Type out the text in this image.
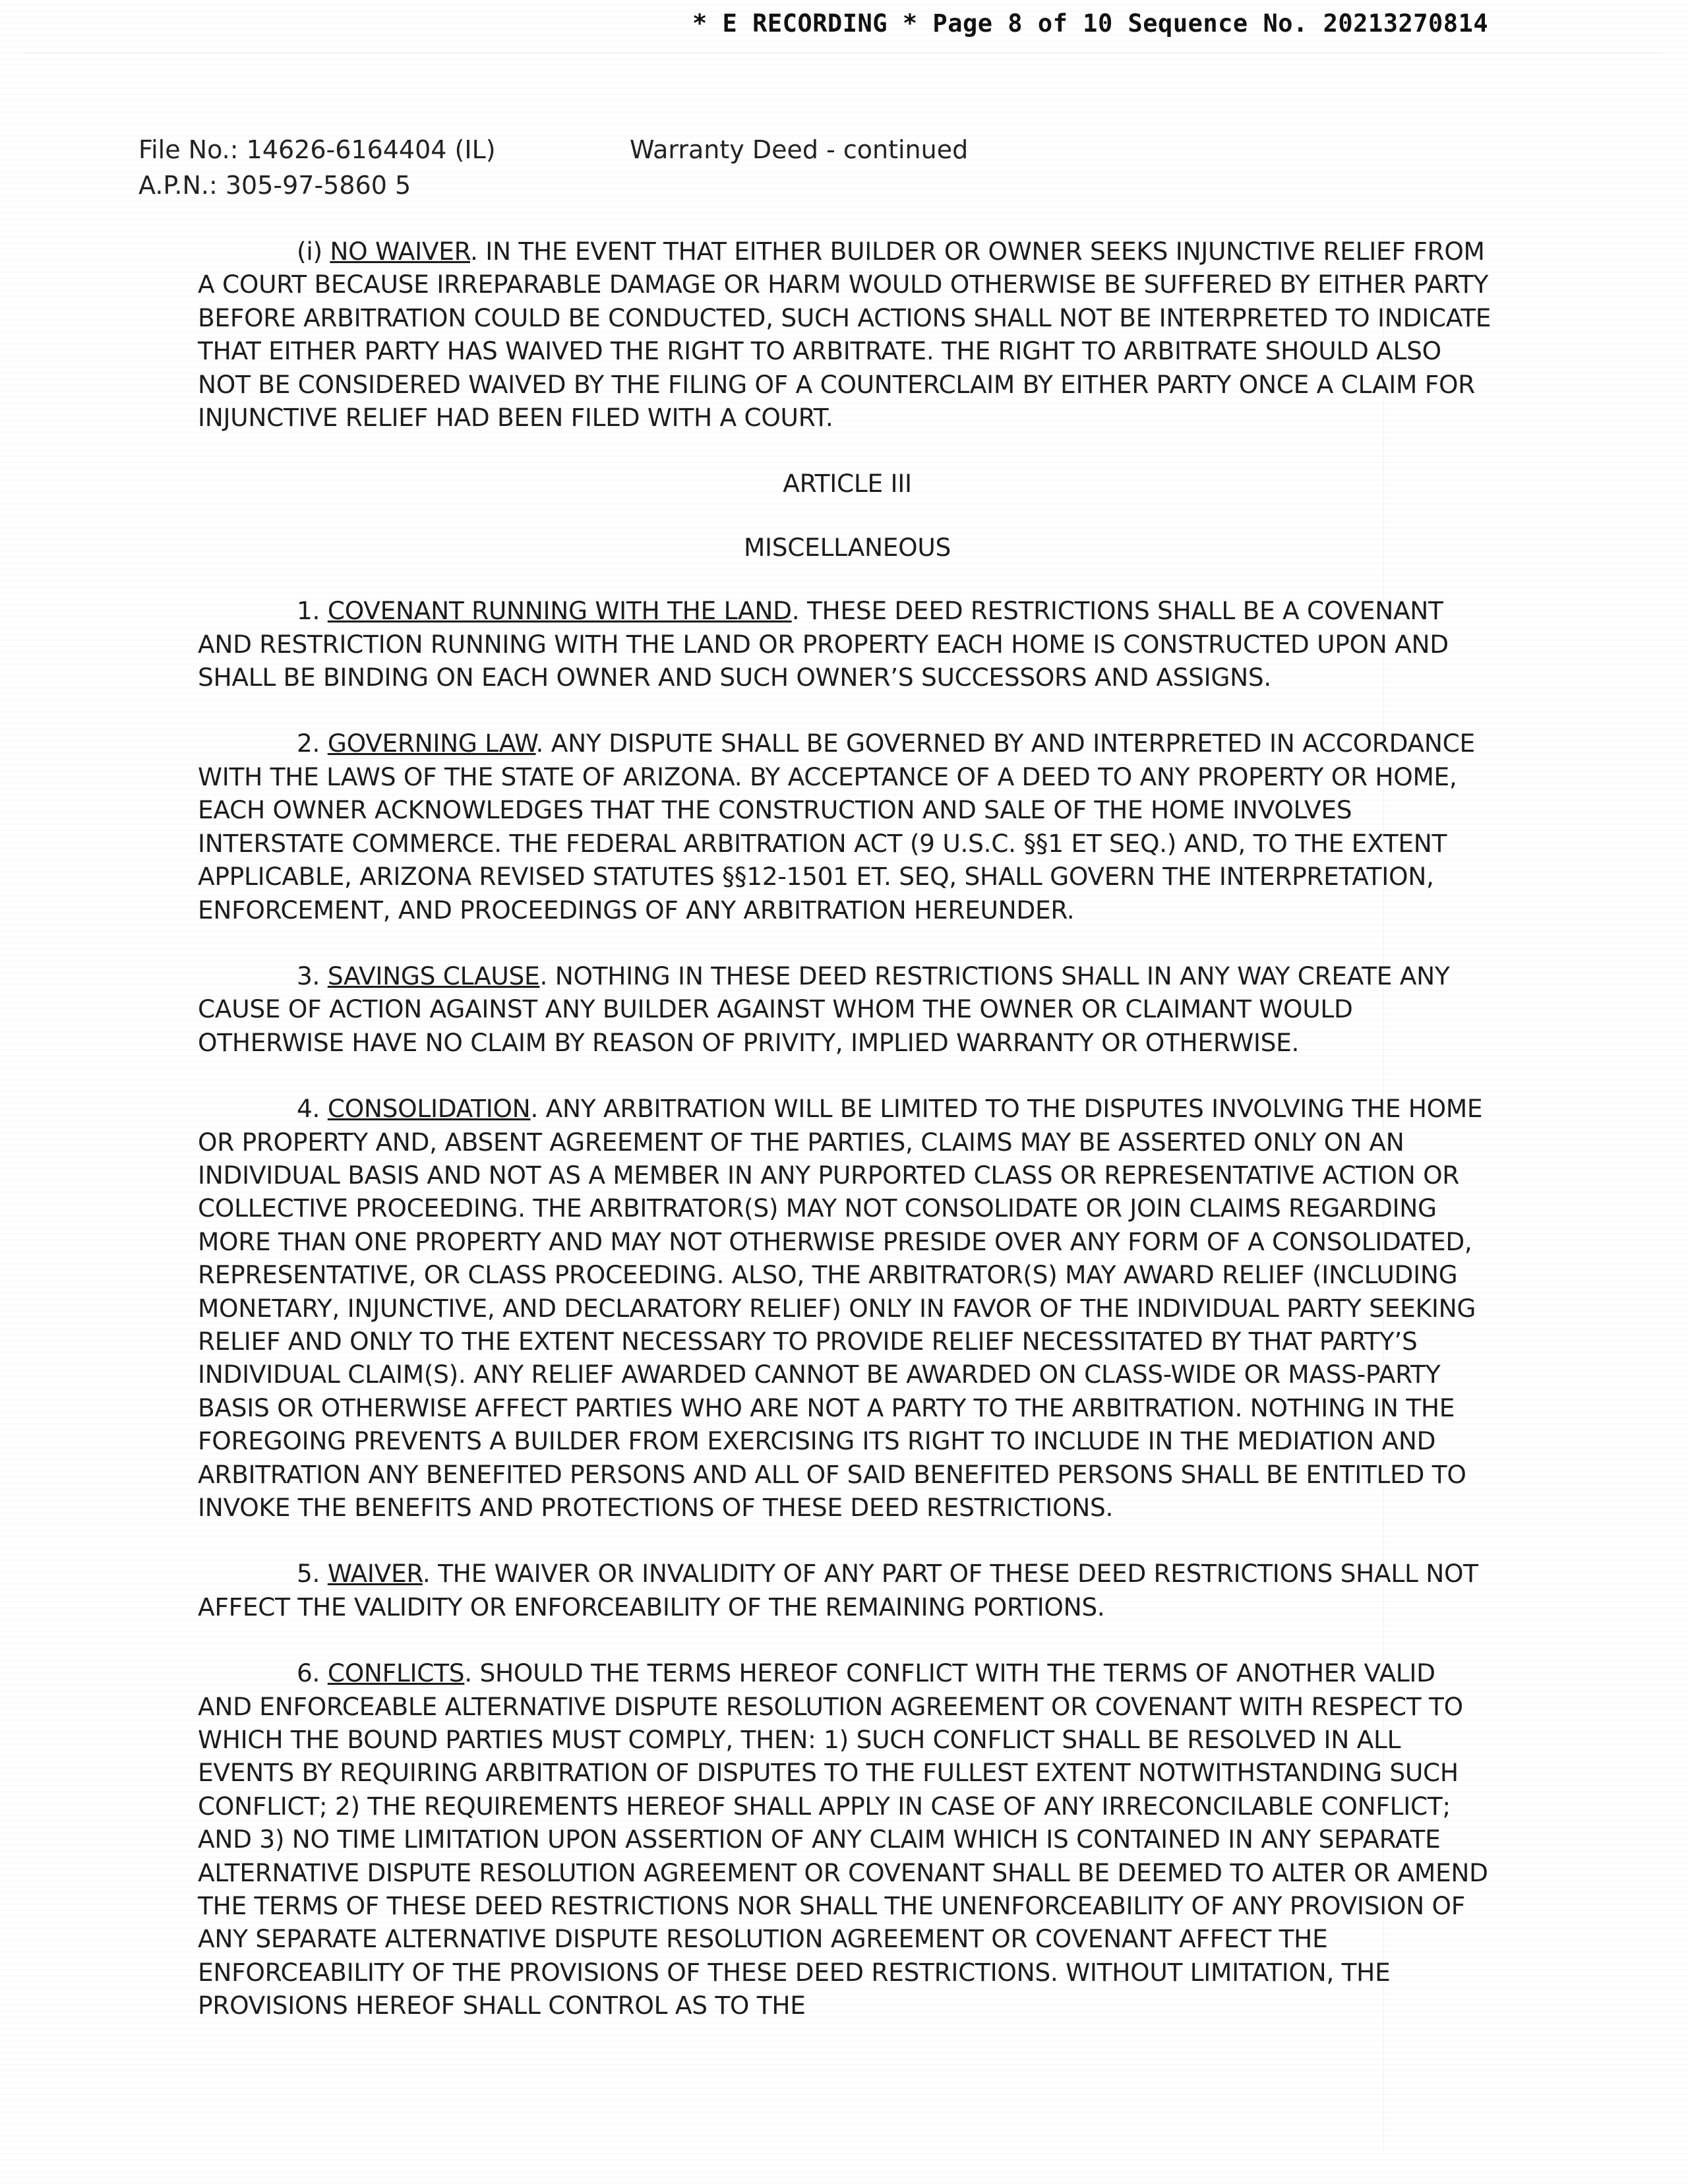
* E RECORDING * Page 8 of 10 Sequence No. 20213270814
File No.: 14626-6164404 (IL)
A.P.N.: 305-97-5860 5
Warranty Deed - continued

(i) NO WAIVER. IN THE EVENT THAT EITHER BUILDER OR OWNER SEEKS INJUNCTIVE RELIEF FROM A COURT BECAUSE IRREPARABLE DAMAGE OR HARM WOULD OTHERWISE BE SUFFERED BY EITHER PARTY BEFORE ARBITRATION COULD BE CONDUCTED, SUCH ACTIONS SHALL NOT BE INTERPRETED TO INDICATE THAT EITHER PARTY HAS WAIVED THE RIGHT TO ARBITRATE. THE RIGHT TO ARBITRATE SHOULD ALSO NOT BE CONSIDERED WAIVED BY THE FILING OF A COUNTERCLAIM BY EITHER PARTY ONCE A CLAIM FOR INJUNCTIVE RELIEF HAD BEEN FILED WITH A COURT.

ARTICLE III
MISCELLANEOUS

1. COVENANT RUNNING WITH THE LAND. THESE DEED RESTRICTIONS SHALL BE A COVENANT AND RESTRICTION RUNNING WITH THE LAND OR PROPERTY EACH HOME IS CONSTRUCTED UPON AND SHALL BE BINDING ON EACH OWNER AND SUCH OWNER’S SUCCESSORS AND ASSIGNS.

2. GOVERNING LAW. ANY DISPUTE SHALL BE GOVERNED BY AND INTERPRETED IN ACCORDANCE WITH THE LAWS OF THE STATE OF ARIZONA. BY ACCEPTANCE OF A DEED TO ANY PROPERTY OR HOME, EACH OWNER ACKNOWLEDGES THAT THE CONSTRUCTION AND SALE OF THE HOME INVOLVES INTERSTATE COMMERCE. THE FEDERAL ARBITRATION ACT (9 U.S.C. §§1 ET SEQ.) AND, TO THE EXTENT APPLICABLE, ARIZONA REVISED STATUTES §§12-1501 ET. SEQ, SHALL GOVERN THE INTERPRETATION, ENFORCEMENT, AND PROCEEDINGS OF ANY ARBITRATION HEREUNDER.

3. SAVINGS CLAUSE. NOTHING IN THESE DEED RESTRICTIONS SHALL IN ANY WAY CREATE ANY CAUSE OF ACTION AGAINST ANY BUILDER AGAINST WHOM THE OWNER OR CLAIMANT WOULD OTHERWISE HAVE NO CLAIM BY REASON OF PRIVITY, IMPLIED WARRANTY OR OTHERWISE.

4. CONSOLIDATION. ANY ARBITRATION WILL BE LIMITED TO THE DISPUTES INVOLVING THE HOME OR PROPERTY AND, ABSENT AGREEMENT OF THE PARTIES, CLAIMS MAY BE ASSERTED ONLY ON AN INDIVIDUAL BASIS AND NOT AS A MEMBER IN ANY PURPORTED CLASS OR REPRESENTATIVE ACTION OR COLLECTIVE PROCEEDING. THE ARBITRATOR(S) MAY NOT CONSOLIDATE OR JOIN CLAIMS REGARDING MORE THAN ONE PROPERTY AND MAY NOT OTHERWISE PRESIDE OVER ANY FORM OF A CONSOLIDATED, REPRESENTATIVE, OR CLASS PROCEEDING. ALSO, THE ARBITRATOR(S) MAY AWARD RELIEF (INCLUDING MONETARY, INJUNCTIVE, AND DECLARATORY RELIEF) ONLY IN FAVOR OF THE INDIVIDUAL PARTY SEEKING RELIEF AND ONLY TO THE EXTENT NECESSARY TO PROVIDE RELIEF NECESSITATED BY THAT PARTY’S INDIVIDUAL CLAIM(S). ANY RELIEF AWARDED CANNOT BE AWARDED ON CLASS-WIDE OR MASS-PARTY BASIS OR OTHERWISE AFFECT PARTIES WHO ARE NOT A PARTY TO THE ARBITRATION. NOTHING IN THE FOREGOING PREVENTS A BUILDER FROM EXERCISING ITS RIGHT TO INCLUDE IN THE MEDIATION AND ARBITRATION ANY BENEFITED PERSONS AND ALL OF SAID BENEFITED PERSONS SHALL BE ENTITLED TO INVOKE THE BENEFITS AND PROTECTIONS OF THESE DEED RESTRICTIONS.

5. WAIVER. THE WAIVER OR INVALIDITY OF ANY PART OF THESE DEED RESTRICTIONS SHALL NOT AFFECT THE VALIDITY OR ENFORCEABILITY OF THE REMAINING PORTIONS.

6. CONFLICTS. SHOULD THE TERMS HEREOF CONFLICT WITH THE TERMS OF ANOTHER VALID AND ENFORCEABLE ALTERNATIVE DISPUTE RESOLUTION AGREEMENT OR COVENANT WITH RESPECT TO WHICH THE BOUND PARTIES MUST COMPLY, THEN: 1) SUCH CONFLICT SHALL BE RESOLVED IN ALL EVENTS BY REQUIRING ARBITRATION OF DISPUTES TO THE FULLEST EXTENT NOTWITHSTANDING SUCH CONFLICT; 2) THE REQUIREMENTS HEREOF SHALL APPLY IN CASE OF ANY IRRECONCILABLE CONFLICT; AND 3) NO TIME LIMITATION UPON ASSERTION OF ANY CLAIM WHICH IS CONTAINED IN ANY SEPARATE ALTERNATIVE DISPUTE RESOLUTION AGREEMENT OR COVENANT SHALL BE DEEMED TO ALTER OR AMEND THE TERMS OF THESE DEED RESTRICTIONS NOR SHALL THE UNENFORCEABILITY OF ANY PROVISION OF ANY SEPARATE ALTERNATIVE DISPUTE RESOLUTION AGREEMENT OR COVENANT AFFECT THE ENFORCEABILITY OF THE PROVISIONS OF THESE DEED RESTRICTIONS. WITHOUT LIMITATION, THE PROVISIONS HEREOF SHALL CONTROL AS TO THE
